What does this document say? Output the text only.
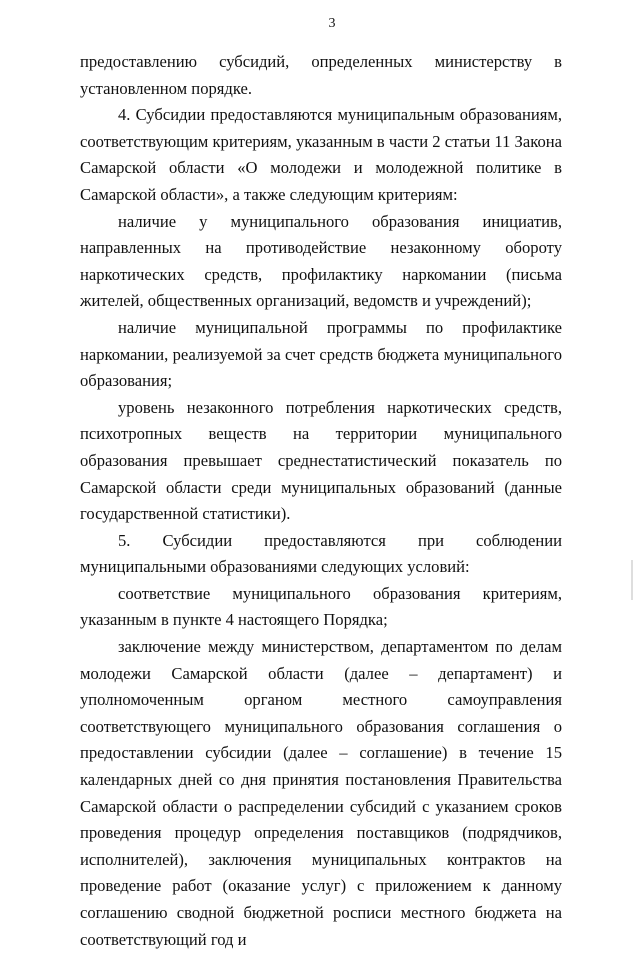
3

предоставлению субсидий, определенных министерству в установленном порядке.

4. Субсидии предоставляются муниципальным образованиям, соответствующим критериям, указанным в части 2 статьи 11 Закона Самарской области «О молодежи и молодежной политике в Самарской области», а также следующим критериям:

наличие у муниципального образования инициатив, направленных на противодействие незаконному обороту наркотических средств, профилактику наркомании (письма жителей, общественных организаций, ведомств и учреждений);

наличие муниципальной программы по профилактике наркомании, реализуемой за счет средств бюджета муниципального образования;

уровень незаконного потребления наркотических средств, психотропных веществ на территории муниципального образования превышает среднестатистический показатель по Самарской области среди муниципальных образований (данные государственной статистики).

5. Субсидии предоставляются при соблюдении муниципальными образованиями следующих условий:

соответствие муниципального образования критериям, указанным в пункте 4 настоящего Порядка;

заключение между министерством, департаментом по делам молодежи Самарской области (далее – департамент) и уполномоченным органом местного самоуправления соответствующего муниципального образования соглашения о предоставлении субсидии (далее – соглашение) в течение 15 календарных дней со дня принятия постановления Правительства Самарской области о распределении субсидий с указанием сроков проведения процедур определения поставщиков (подрядчиков, исполнителей), заключения муниципальных контрактов на проведение работ (оказание услуг) с приложением к данному соглашению сводной бюджетной росписи местного бюджета на соответствующий год и
